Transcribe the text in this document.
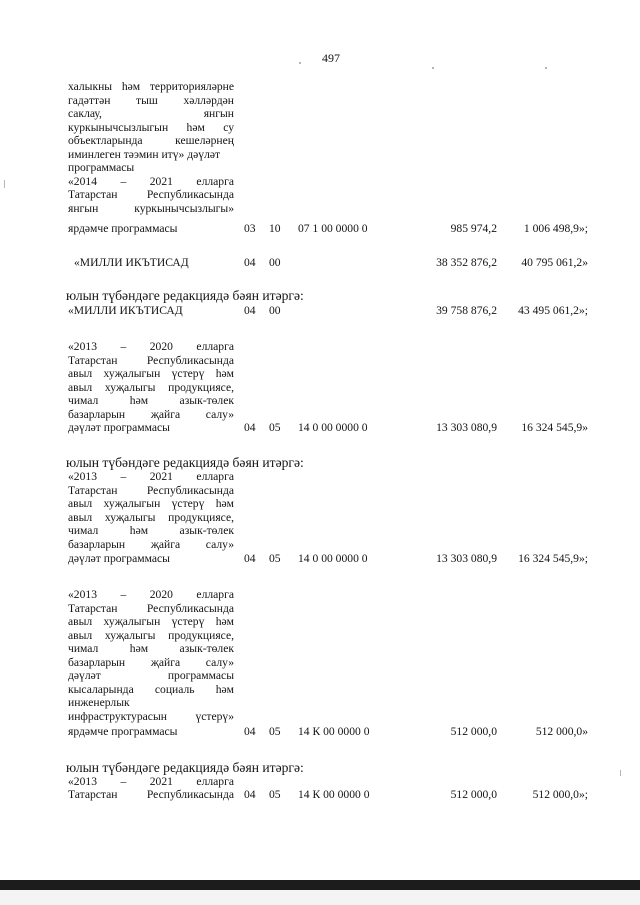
497
халыкны һәм территорияләрне
гадәттән тыш хәлләрдән
саклау, янгын
куркынычсызлыгын һәм су
объектларында кешеләрнең
иминлеген тәэмин итү» дәүләт
программасы
«2014 – 2021 елларга
Татарстан Республикасында
янгын куркынычсызлыгы»
ярдәмче программасы	03 10 07 1 00 0000 0	985 974,2 1 006 498,9»;
«МИЛЛИ ИКЪТИСАД	04 00	38 352 876,2 40 795 061,2»
юлын түбәндәге редакциядә бәян итәргә:
«МИЛЛИ ИКЪТИСАД	04 00	39 758 876,2 43 495 061,2»;
«2013 – 2020 елларга
Татарстан Республикасында
авыл хуҗалыгын үстерү һәм
авыл хуҗалыгы продукциясе,
чимал һәм азык-төлек
базарларын җайга салу»
дәүләт программасы	04 05 14 0 00 0000 0	13 303 080,9 16 324 545,9»
юлын түбәндәге редакциядә бәян итәргә:
«2013 – 2021 елларга
Татарстан Республикасында
авыл хуҗалыгын үстерү һәм
авыл хуҗалыгы продукциясе,
чимал һәм азык-төлек
базарларын җайга салу»
дәүләт программасы	04 05 14 0 00 0000 0	13 303 080,9 16 324 545,9»;
«2013 – 2020 елларга
Татарстан Республикасында
авыл хуҗалыгын үстерү һәм
авыл хуҗалыгы продукциясе,
чимал һәм азык-төлек
базарларын җайга салу»
дәүләт программасы
кысаларында социаль һәм
инженерлык
инфраструктурасын үстерү»
ярдәмче программасы	04 05 14 К 00 0000 0	512 000,0	512 000,0»
юлын түбәндәге редакциядә бәян итәргә:
«2013 – 2021 елларга
Татарстан Республикасында 04 05 14 К 00 0000 0	512 000,0	512 000,0»;
